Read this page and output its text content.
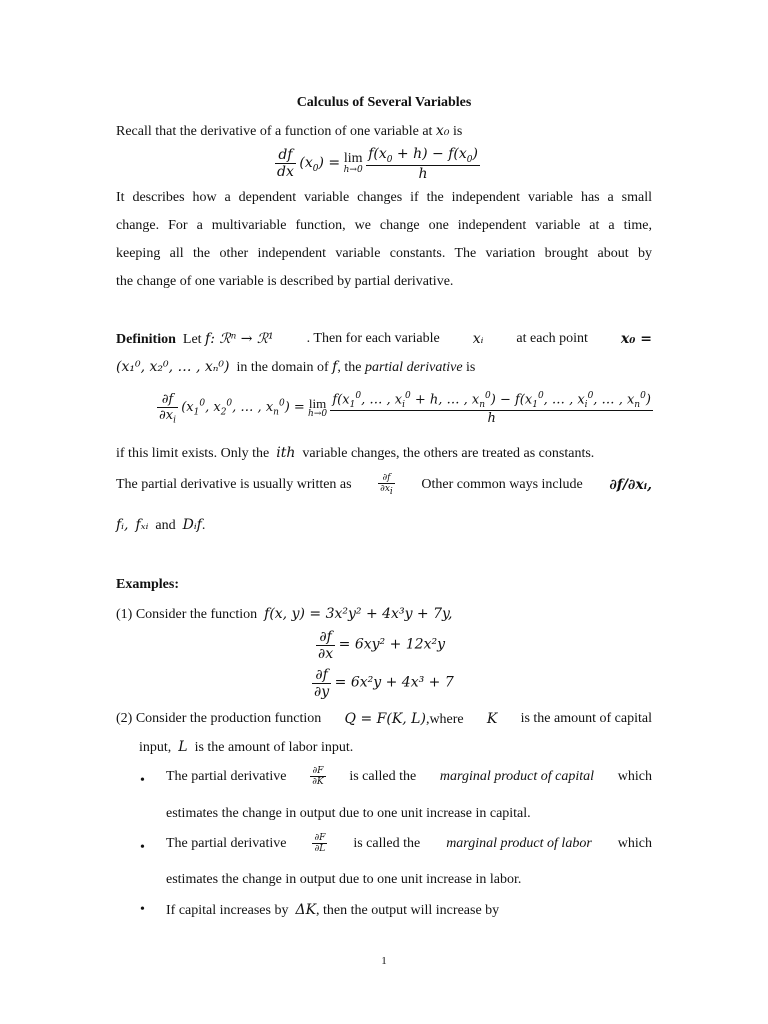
Calculus of Several Variables
Recall that the derivative of a function of one variable at x₀ is
$\frac{df}{dx} (x_0) = \lim$
h→0
$\frac{f(x_0 + h) - f(x_0)}{h}$
It describes how a dependent variable changes if the independent variable has a small
change. For a multivariable function, we change one independent variable at a time,
keeping all the other independent variable constants. The variation brought about by
the change of one variable is described by partial derivative.
Definition Let f: ℛⁿ → ℛ¹ . Then for each variable xᵢ at each point x₀ =
(x₁⁰, x₂⁰, … , xₙ⁰) in the domain of f, the partial derivative is
$\frac{\partial f}{\partial x_i} (x_1^0$, $x_2^0$, … , $x_n^0) = \lim$
h→0
$\frac{f(x_1^0, \dots , x_i^0 + h, \dots , x_n^0) - f(x_1^0, \dots , x_i^0, \dots , x_n^0)}{h}$
if this limit exists. Only the ith variable changes, the others are treated as constants.
The partial derivative is usually written as	$\frac{\partial f}{\partial x_i}$ Other common ways include ∂f/∂xᵢ,
fᵢ, fₓᵢ and Dᵢf.
Examples:
(1) Consider the function f(x, y) = 3x²y² + 4x³y + 7y,
$\frac{\partial f}{\partial x} = 6xy^2 + 12x^2y$
$\frac{\partial f}{\partial y} = 6x^2y + 4x^3 + 7$
(2) Consider the production function Q = F(K, L),where K is the amount of capital
input, L is the amount of labor input.
• The partial derivative	$\frac{\partial F}{\partial K}$ is called the marginal product of capital which
estimates the change in output due to one unit increase in capital.
• The partial derivative	$\frac{\partial F}{\partial L}$ is called the marginal product of labor which
estimates the change in output due to one unit increase in labor.
• If capital increases by ΔK, then the output will increase by
1
